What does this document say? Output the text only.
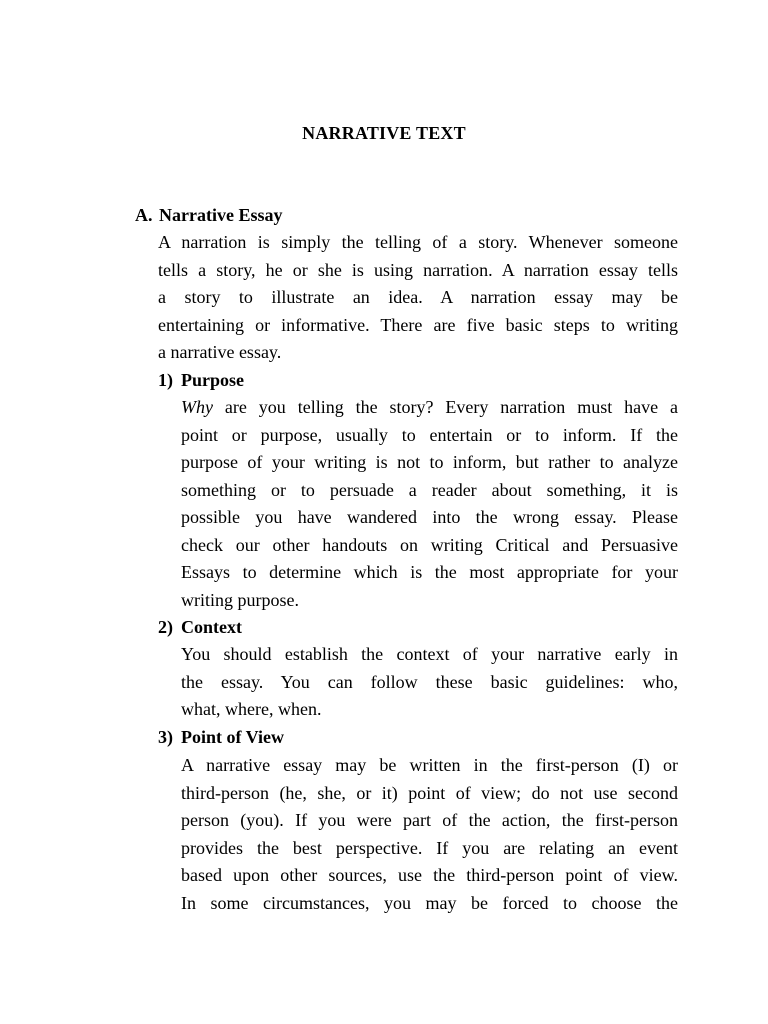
NARRATIVE TEXT
A. Narrative Essay
A narration is simply the telling of a story. Whenever someone
tells a story, he or she is using narration. A narration essay tells
a story to illustrate an idea. A narration essay may be
entertaining or informative. There are five basic steps to writing
a narrative essay.
1) Purpose
Why are you telling the story? Every narration must have a
point or purpose, usually to entertain or to inform. If the
purpose of your writing is not to inform, but rather to analyze
something or to persuade a reader about something, it is
possible you have wandered into the wrong essay. Please
check our other handouts on writing Critical and Persuasive
Essays to determine which is the most appropriate for your
writing purpose.
2) Context
You should establish the context of your narrative early in
the essay. You can follow these basic guidelines: who,
what, where, when.
3) Point of View
A narrative essay may be written in the first-person (I) or
third-person (he, she, or it) point of view; do not use second
person (you). If you were part of the action, the first-person
provides the best perspective. If you are relating an event
based upon other sources, use the third-person point of view.
In some circumstances, you may be forced to choose the
